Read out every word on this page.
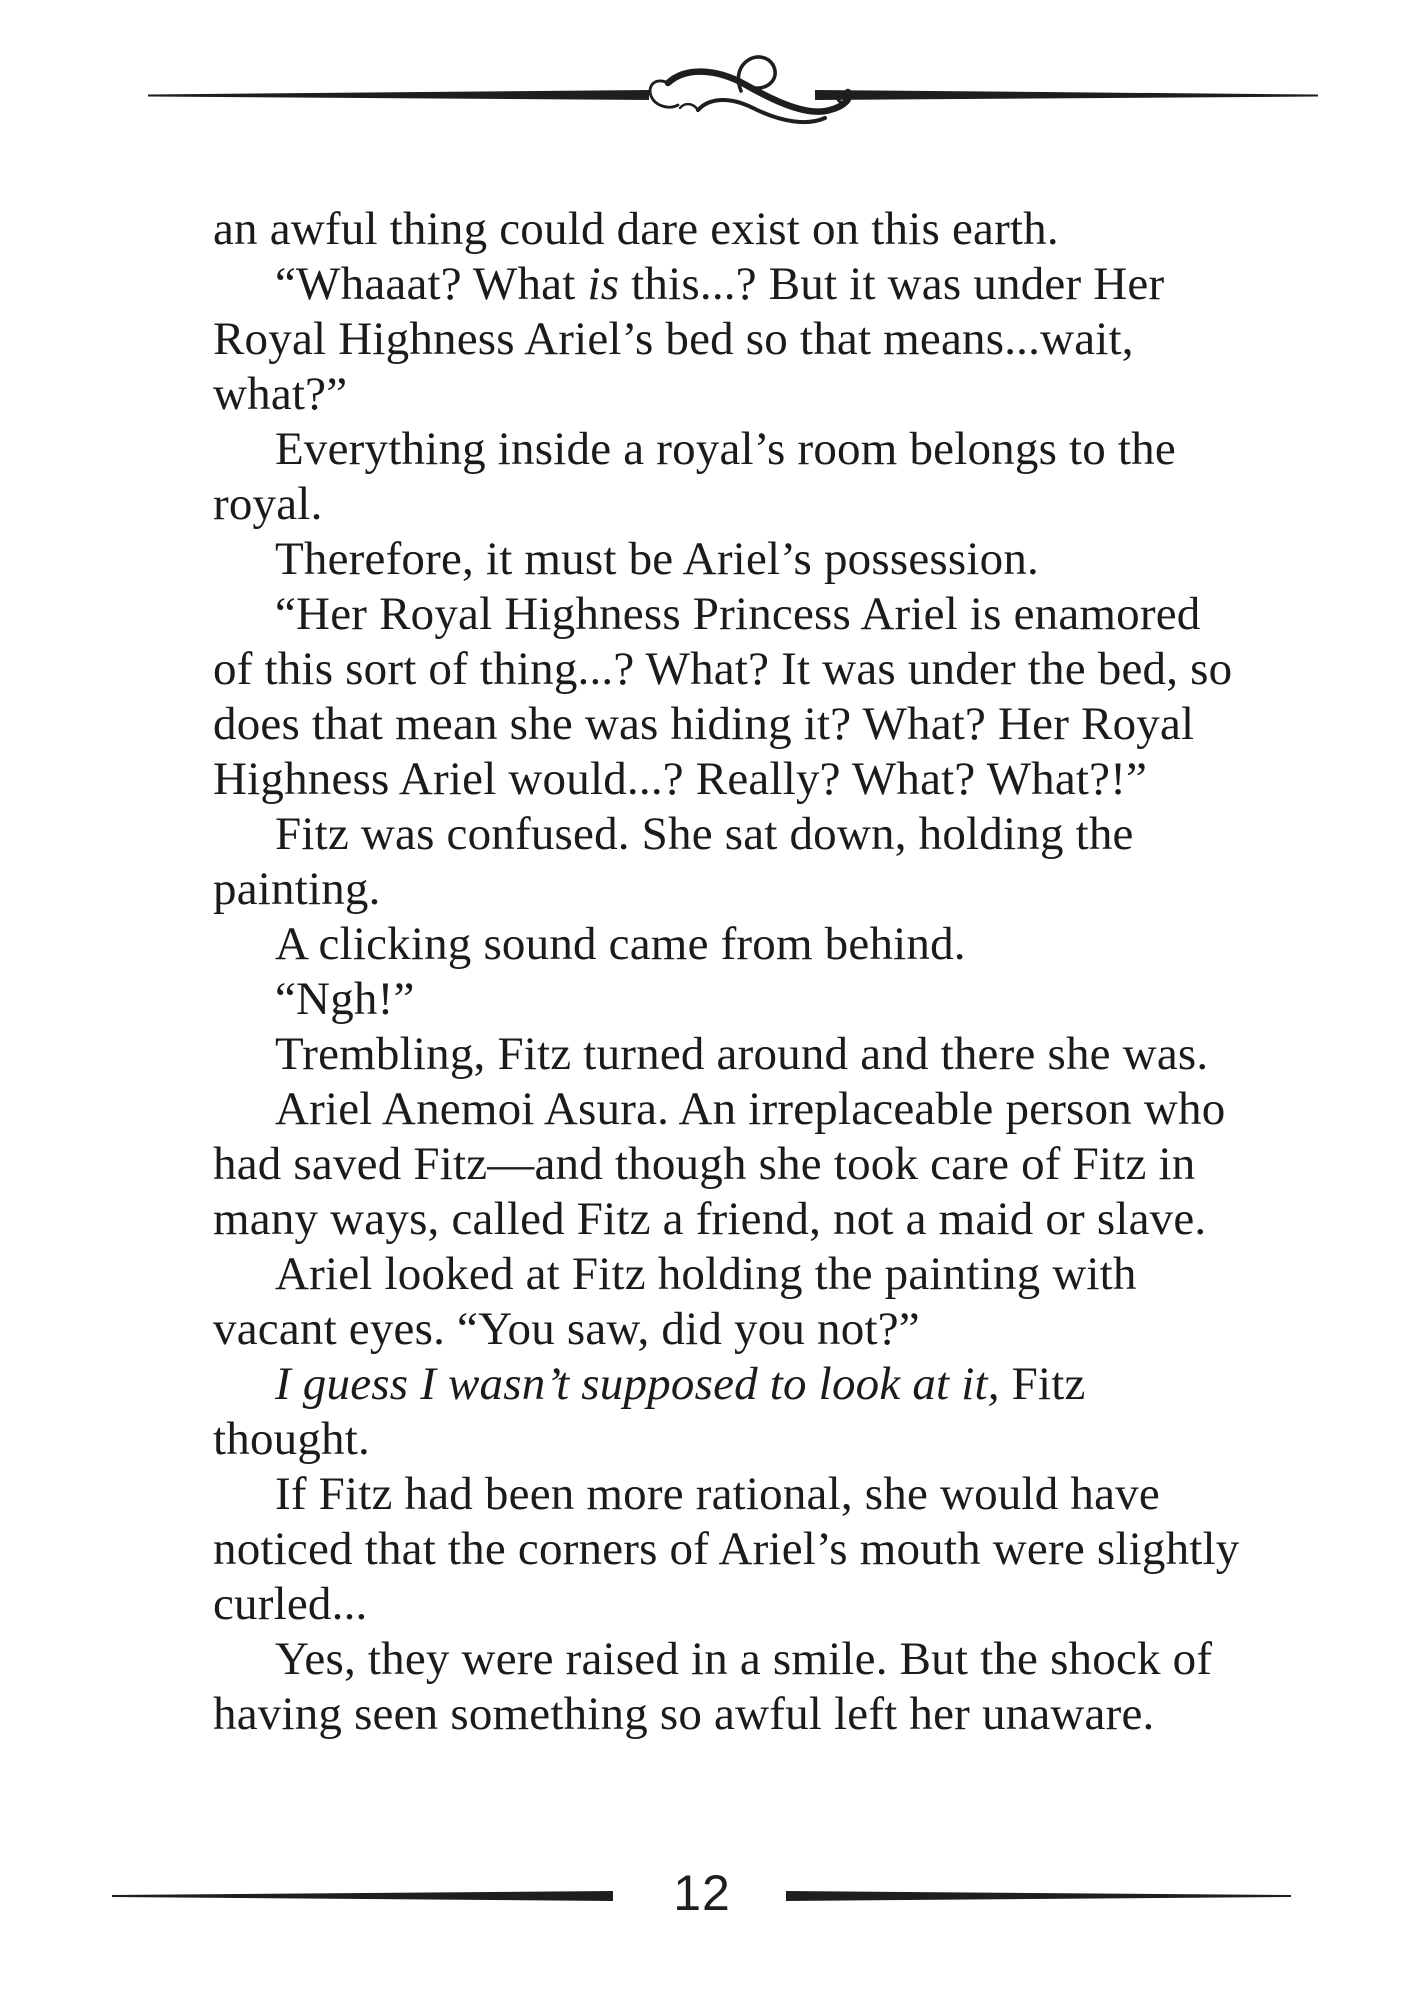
an awful thing could dare exist on this earth.
“Whaaat? What is this...? But it was under Her
Royal Highness Ariel’s bed so that means...wait,
what?”
Everything inside a royal’s room belongs to the
royal.
Therefore, it must be Ariel’s possession.
“Her Royal Highness Princess Ariel is enamored
of this sort of thing...? What? It was under the bed, so
does that mean she was hiding it? What? Her Royal
Highness Ariel would...? Really? What? What?!”
Fitz was confused. She sat down, holding the
painting.
A clicking sound came from behind.
“Ngh!”
Trembling, Fitz turned around and there she was.
Ariel Anemoi Asura. An irreplaceable person who
had saved Fitz—and though she took care of Fitz in
many ways, called Fitz a friend, not a maid or slave.
Ariel looked at Fitz holding the painting with
vacant eyes. “You saw, did you not?”
I guess I wasn’t supposed to look at it, Fitz
thought.
If Fitz had been more rational, she would have
noticed that the corners of Ariel’s mouth were slightly
curled...
Yes, they were raised in a smile. But the shock of
having seen something so awful left her unaware.
12
